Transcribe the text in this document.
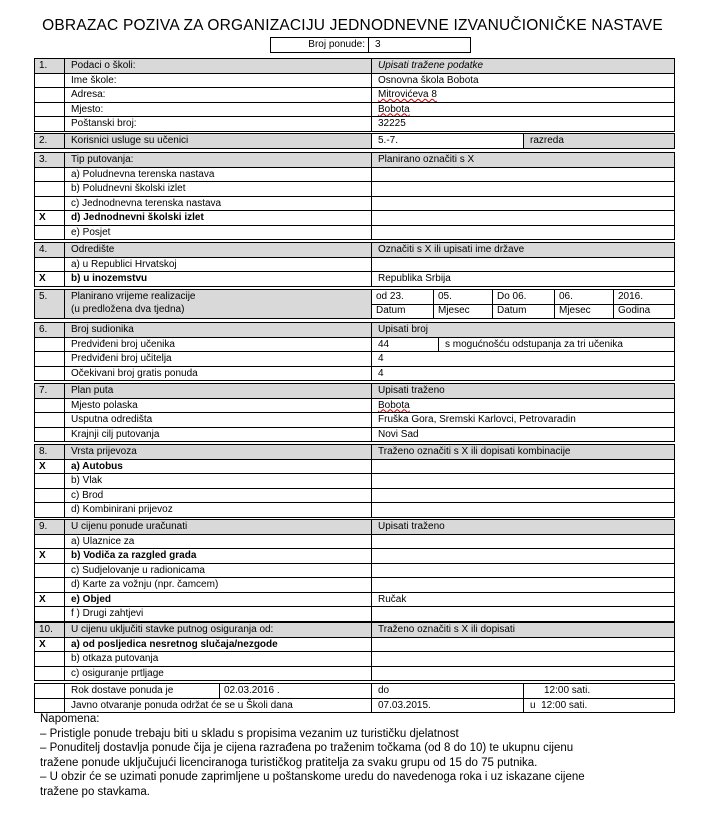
OBRAZAC POZIVA ZA ORGANIZACIJU JEDNODNEVNE IZVANUČIONIČKE NASTAVE
Broj ponude:	3
1.	Podaci o školi:	Upisati tražene podatke
Ime škole:	Osnovna škola Bobota
Adresa:	Mitrovićeva 8
Mjesto:	Bobota
Poštanski broj:	32225
2.	Korisnici usluge su učenici	5.-7.	razreda
3.	Tip putovanja:	Planirano označiti s X
a) Poludnevna terenska nastava
b) Poludnevni školski izlet
c) Jednodnevna terenska nastava
X	d) Jednodnevni školski izlet
e) Posjet
4.	Odredište	Označiti s X ili upisati ime države
a) u Republici Hrvatskoj
X	b) u inozemstvu	Republika Srbija
5.	Planirano vrijeme realizacije
(u predložena dva tjedna)
od 23.	05.	Do 06.	06.	2016.
Datum	Mjesec	Datum	Mjesec	Godina
6.	Broj sudionika	Upisati broj
Predviđeni broj učenika	44	s mogućnošću odstupanja za tri učenika
Predviđeni broj učitelja	4
Očekivani broj gratis ponuda	4
7.	Plan puta	Upisati traženo
Mjesto polaska	Bobota
Usputna odredišta	Fruška Gora, Sremski Karlovci, Petrovaradin
Krajnji cilj putovanja	Novi Sad
8.	Vrsta prijevoza	Traženo označiti s X ili dopisati kombinacije
X	a) Autobus
b) Vlak
c) Brod
d) Kombinirani prijevoz
9.	U cijenu ponude uračunati	Upisati traženo
a) Ulaznice za
X	b) Vodiča za razgled grada
c) Sudjelovanje u radionicama
d) Karte za vožnju (npr. čamcem)
X	e) Objed	Ručak
f ) Drugi zahtjevi
10.	U cijenu uključiti stavke putnog osiguranja od:	Traženo označiti s X ili dopisati
X	a) od posljedica nesretnog slučaja/nezgode
b) otkaza putovanja
c) osiguranje prtljage
Rok dostave ponuda je	02.03.2016 .	do	12:00 sati.
Javno otvaranje ponuda održat će se u Školi dana	07.03.2015.	u 12:00 sati.
Napomena:
– Pristigle ponude trebaju biti u skladu s propisima vezanim uz turističku djelatnost
– Ponuditelj dostavlja ponude čija je cijena razrađena po traženim točkama (od 8 do 10) te ukupnu cijenu
tražene ponude uključujući licenciranoga turističkog pratitelja za svaku grupu od 15 do 75 putnika.
– U obzir će se uzimati ponude zaprimljene u poštanskome uredu do navedenoga roka i uz iskazane cijene
tražene po stavkama.
